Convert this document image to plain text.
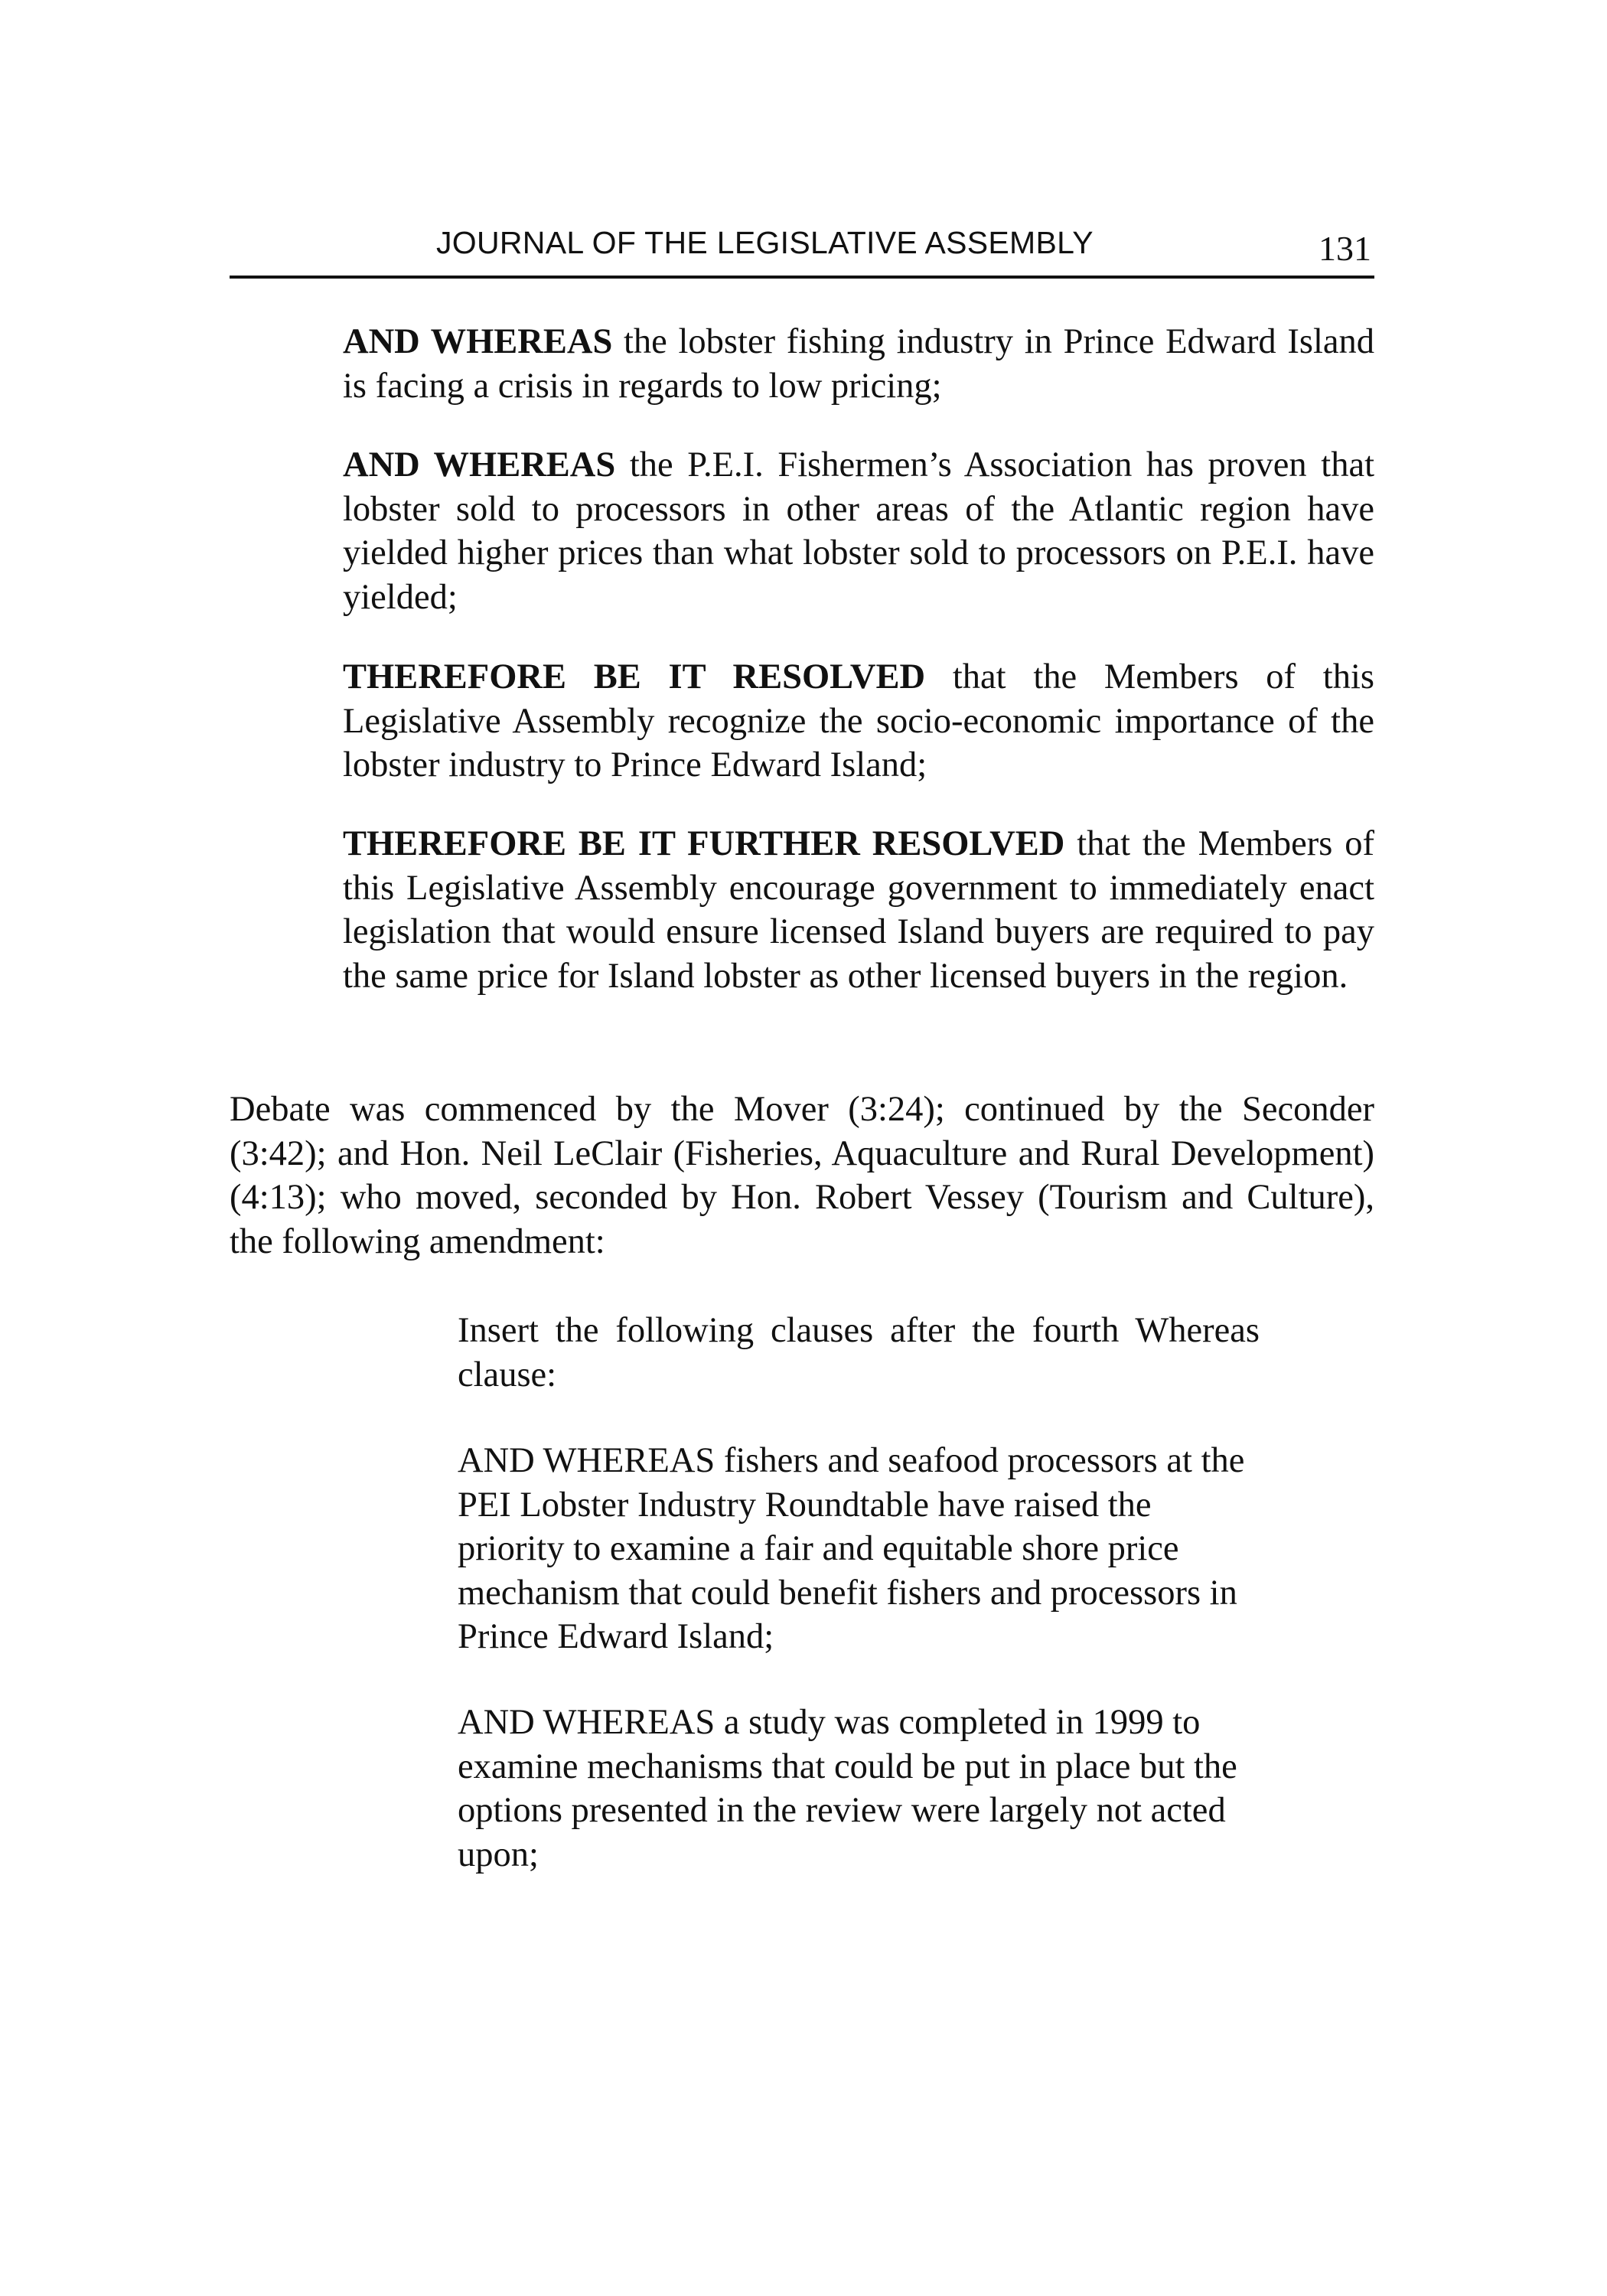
JOURNAL OF THE LEGISLATIVE ASSEMBLY	131

AND WHEREAS the lobster fishing industry in Prince Edward Island is facing a crisis in regards to low pricing;

AND WHEREAS the P.E.I. Fishermen’s Association has proven that lobster sold to processors in other areas of the Atlantic region have yielded higher prices than what lobster sold to processors on P.E.I. have yielded;

THEREFORE BE IT RESOLVED that the Members of this Legislative Assembly recognize the socio-economic importance of the lobster industry to Prince Edward Island;

THEREFORE BE IT FURTHER RESOLVED that the Members of this Legislative Assembly encourage government to immediately enact legislation that would ensure licensed Island buyers are required to pay the same price for Island lobster as other licensed buyers in the region.

Debate was commenced by the Mover (3:24); continued by the Seconder (3:42); and Hon. Neil LeClair (Fisheries, Aquaculture and Rural Development) (4:13); who moved, seconded by Hon. Robert Vessey (Tourism and Culture), the following amendment:

Insert the following clauses after the fourth Whereas clause:

AND WHEREAS fishers and seafood processors at the PEI Lobster Industry Roundtable have raised the priority to examine a fair and equitable shore price mechanism that could benefit fishers and processors in Prince Edward Island;

AND WHEREAS a study was completed in 1999 to examine mechanisms that could be put in place but the options presented in the review were largely not acted upon;
